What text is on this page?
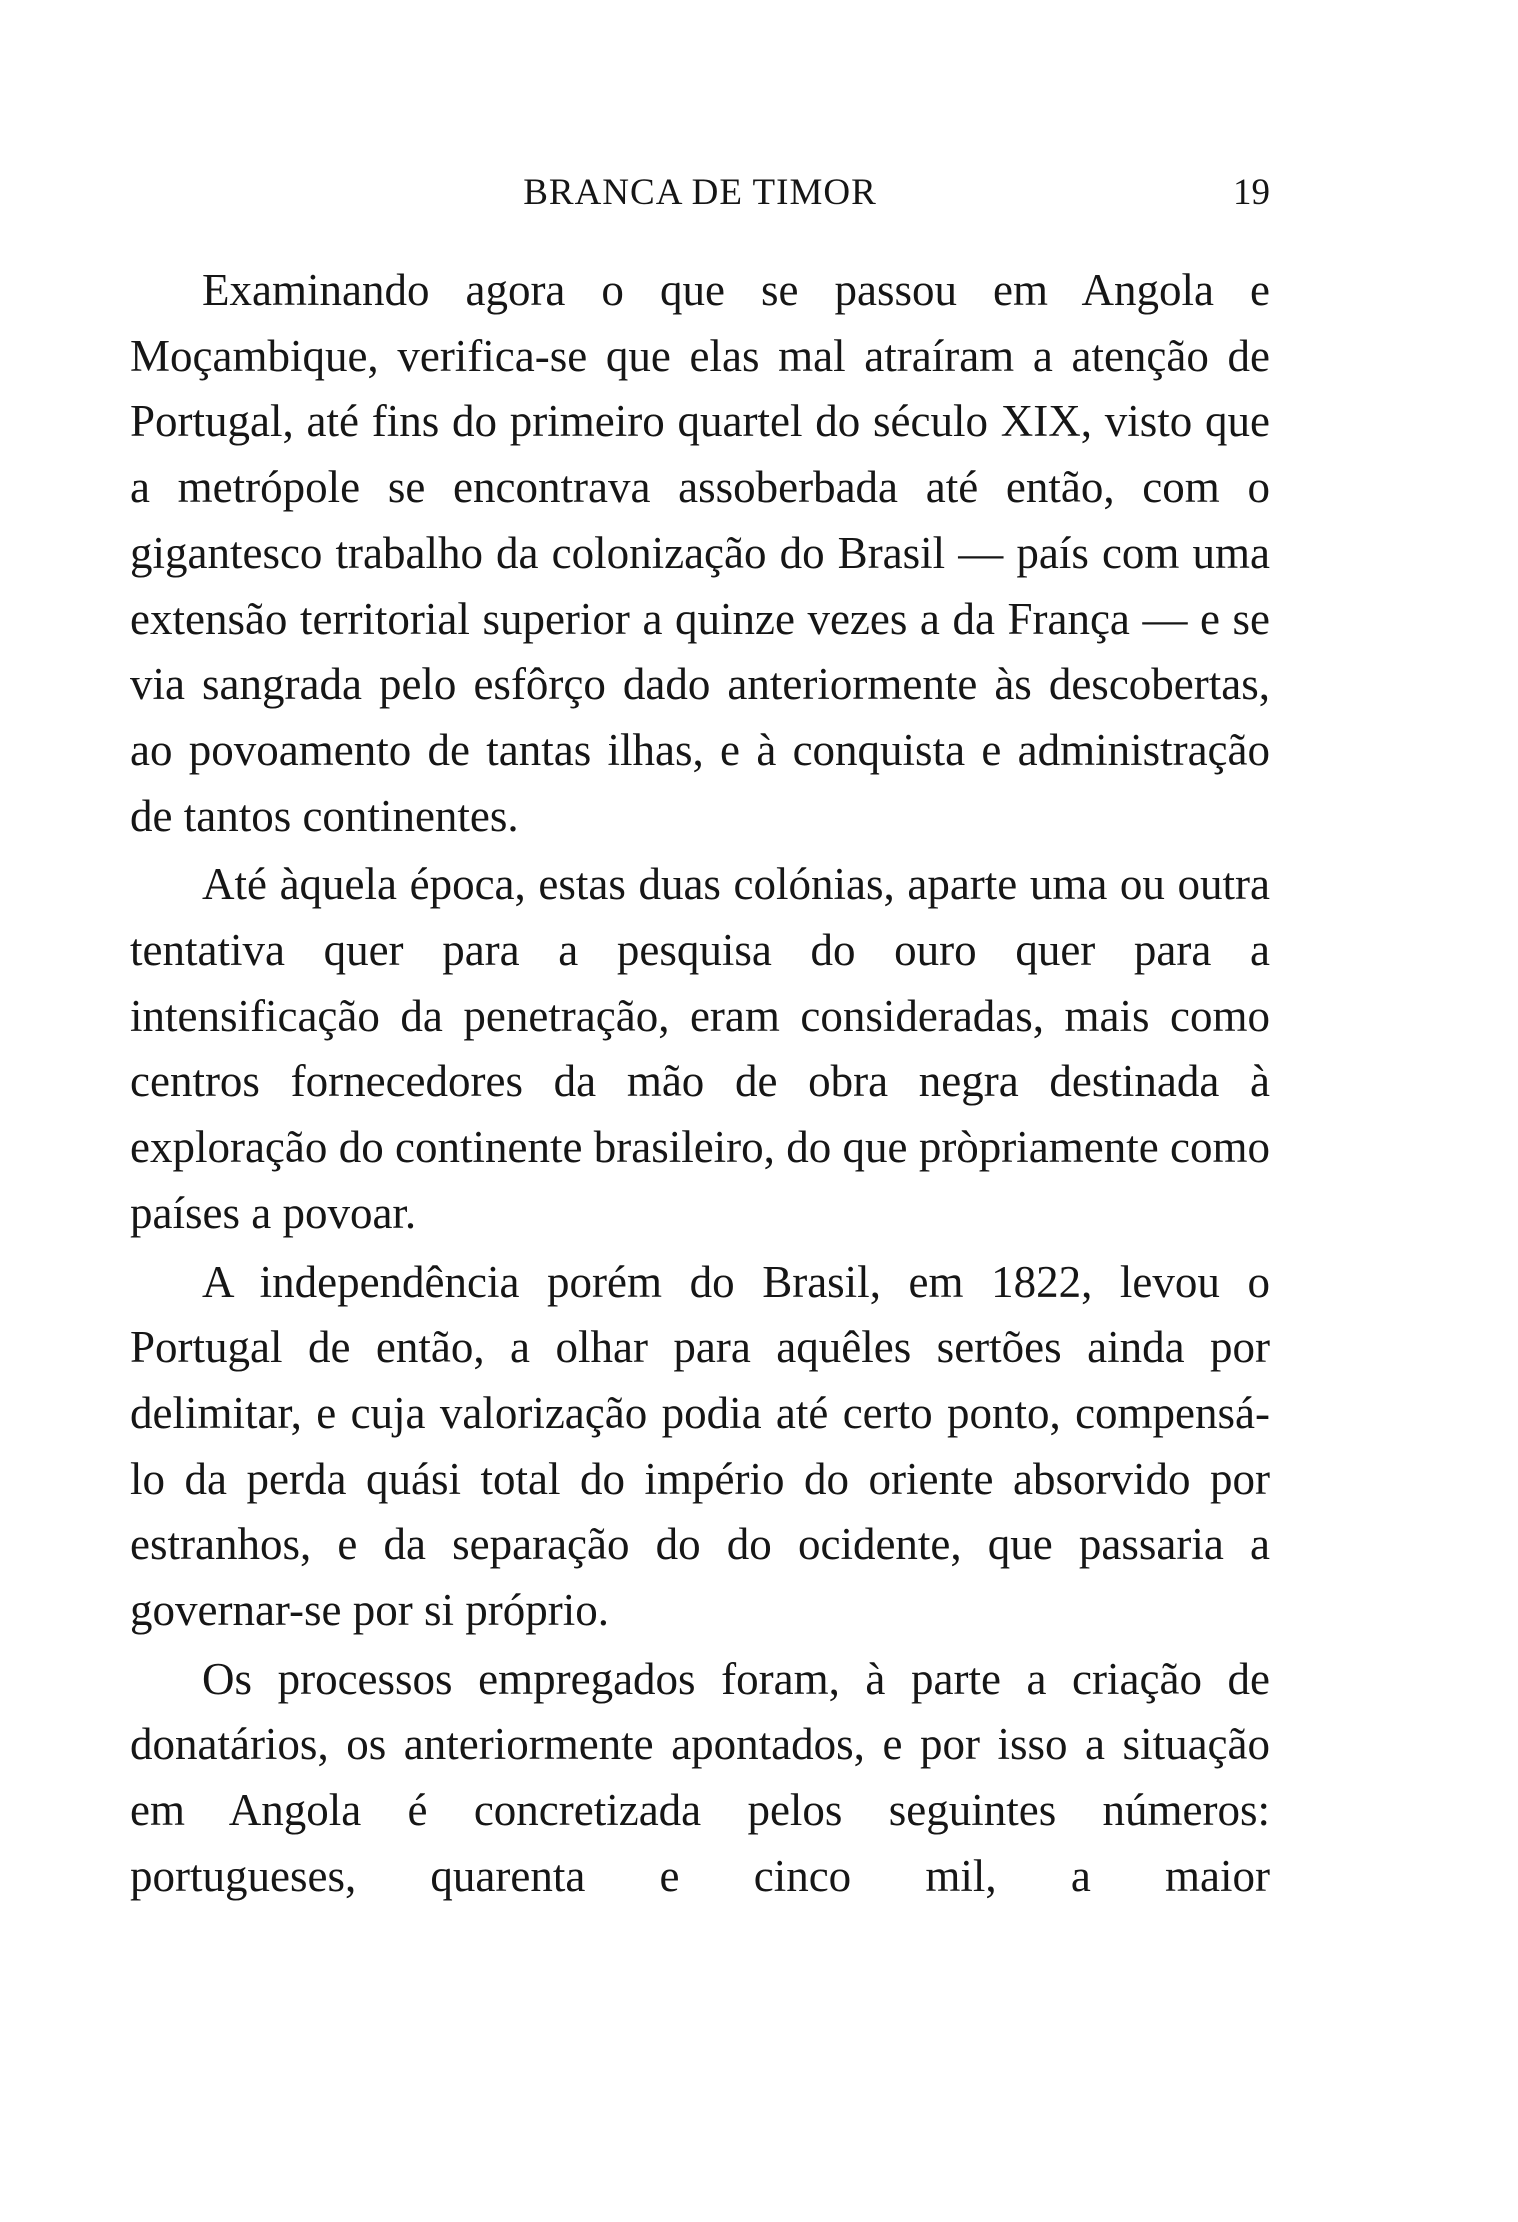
BRANCA DE TIMOR	19

Examinando agora o que se passou em Angola e Moçambique, verifica-se que elas mal atraíram a atenção de Portugal, até fins do primeiro quartel do século XIX, visto que a metrópole se encontrava assoberbada até então, com o gigantesco trabalho da colonização do Brasil — país com uma extensão territorial superior a quinze vezes a da França — e se via sangrada pelo esfôrço dado anteriormente às descobertas, ao povoamento de tantas ilhas, e à conquista e administração de tantos continentes.

Até àquela época, estas duas colónias, aparte uma ou outra tentativa quer para a pesquisa do ouro quer para a intensificação da penetração, eram consideradas, mais como centros fornecedores da mão de obra negra destinada à exploração do continente brasileiro, do que pròpriamente como países a povoar.

A independência porém do Brasil, em 1822, levou o Portugal de então, a olhar para aquêles sertões ainda por delimitar, e cuja valorização podia até certo ponto, compensá-lo da perda quási total do império do oriente absorvido por estranhos, e da separação do do ocidente, que passaria a governar-se por si próprio.

Os processos empregados foram, à parte a criação de donatários, os anteriormente apontados, e por isso a situação em Angola é concretizada pelos seguintes números: portugueses, quarenta e cinco mil, a maior
